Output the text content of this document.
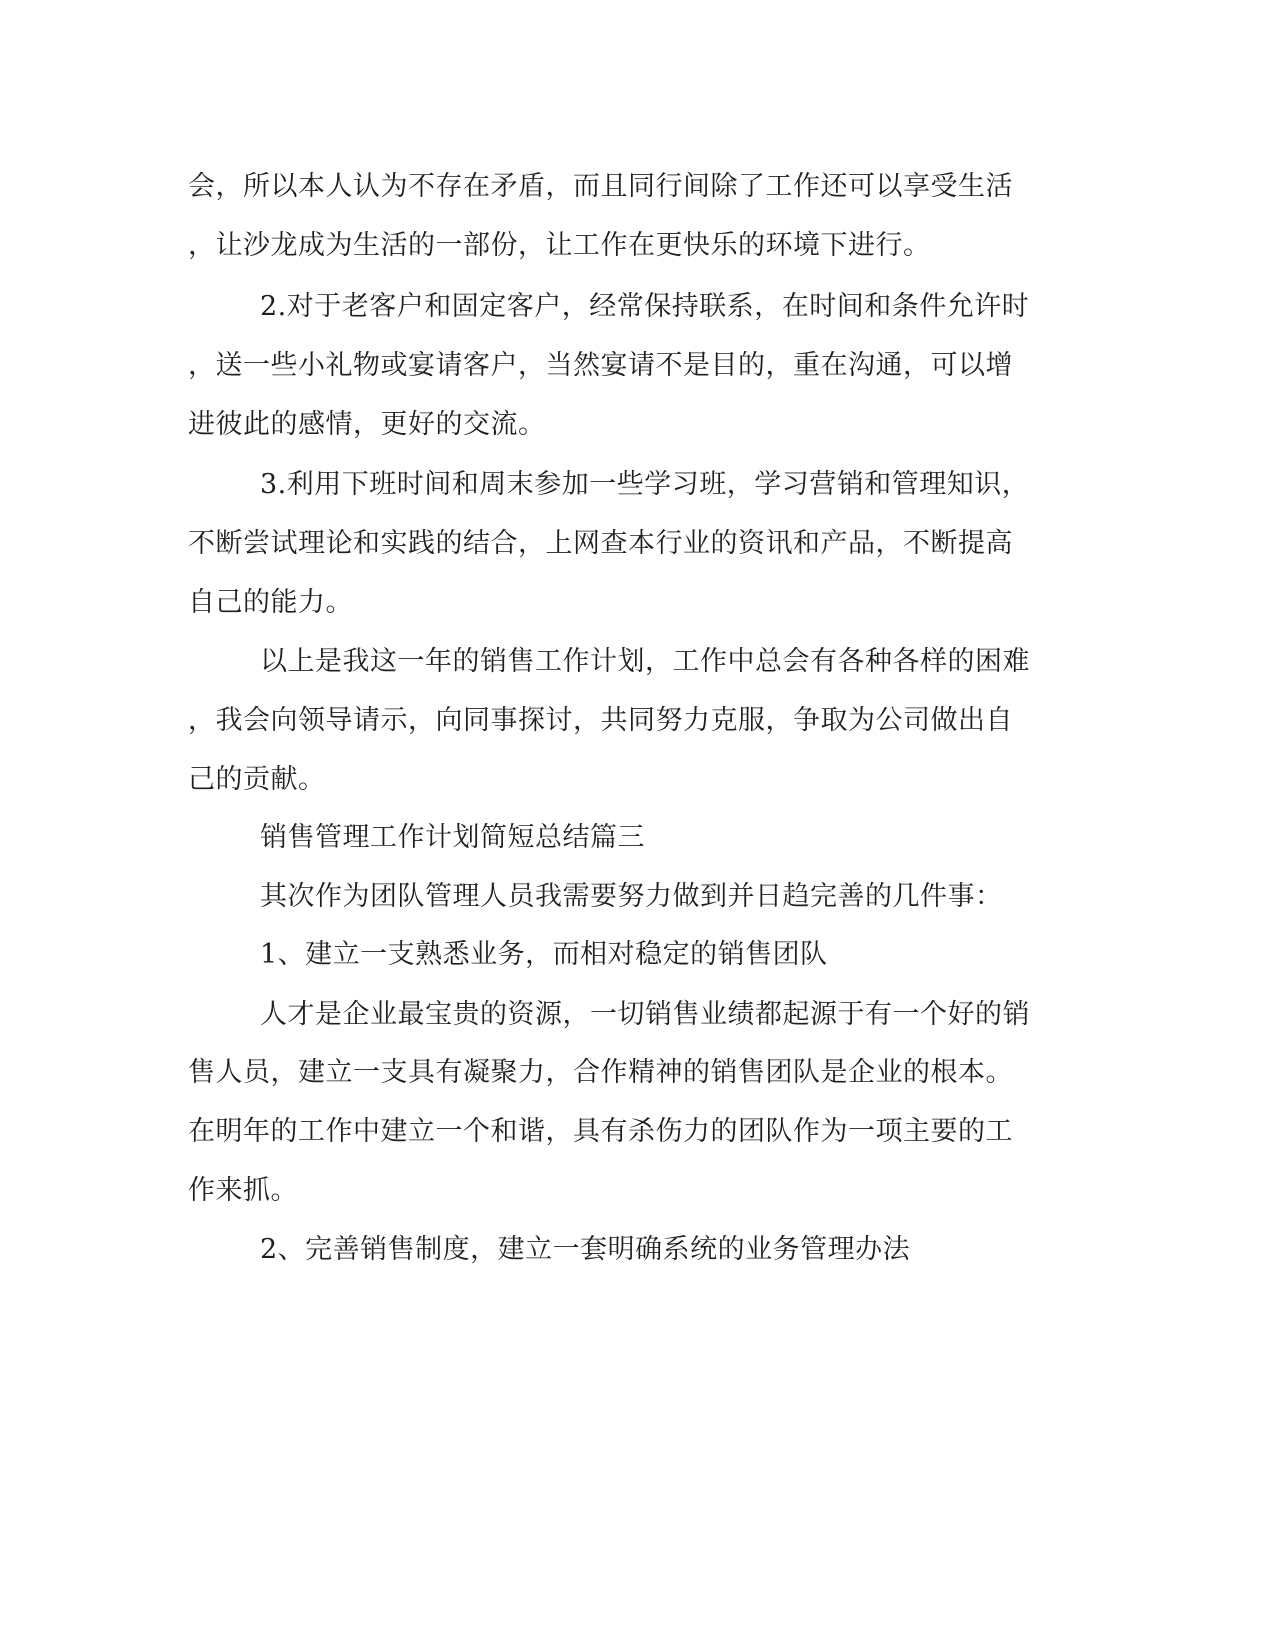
会，所以本人认为不存在矛盾，而且同行间除了工作还可以享受生活

，让沙龙成为生活的一部份，让工作在更快乐的环境下进行。

2.对于老客户和固定客户，经常保持联系，在时间和条件允许时

，送一些小礼物或宴请客户，当然宴请不是目的，重在沟通，可以增

进彼此的感情，更好的交流。

3.利用下班时间和周末参加一些学习班，学习营销和管理知识，

不断尝试理论和实践的结合，上网查本行业的资讯和产品，不断提高

自己的能力。

以上是我这一年的销售工作计划，工作中总会有各种各样的困难

，我会向领导请示，向同事探讨，共同努力克服，争取为公司做出自

己的贡献。

销售管理工作计划简短总结篇三

其次作为团队管理人员我需要努力做到并日趋完善的几件事：

1、建立一支熟悉业务，而相对稳定的销售团队

人才是企业最宝贵的资源，一切销售业绩都起源于有一个好的销

售人员，建立一支具有凝聚力，合作精神的销售团队是企业的根本。

在明年的工作中建立一个和谐，具有杀伤力的团队作为一项主要的工

作来抓。

2、完善销售制度，建立一套明确系统的业务管理办法
